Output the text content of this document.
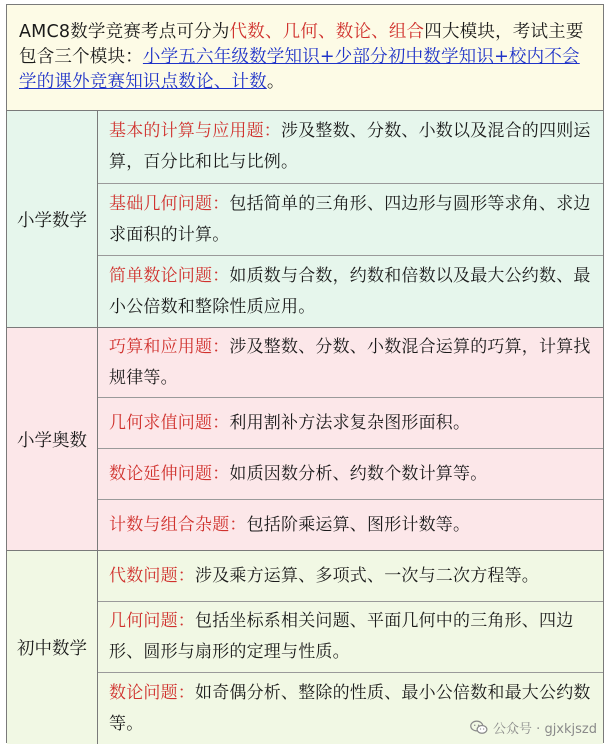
AMC8数学竞赛考点可分为代数、几何、数论、组合四大模块，考试主要包含三个模块：小学五六年级数学知识+少部分初中数学知识+校内不会学的课外竞赛知识点数论、计数。
小学数学
基本的计算与应用题：涉及整数、分数、小数以及混合的四则运算，百分比和比与比例。
基础几何问题：包括简单的三角形、四边形与圆形等求角、求边求面积的计算。
简单数论问题：如质数与合数，约数和倍数以及最大公约数、最小公倍数和整除性质应用。
小学奥数
巧算和应用题：涉及整数、分数、小数混合运算的巧算，计算找规律等。
几何求值问题：利用割补方法求复杂图形面积。
数论延伸问题：如质因数分析、约数个数计算等。
计数与组合杂题：包括阶乘运算、图形计数等。
初中数学
代数问题：涉及乘方运算、多项式、一次与二次方程等。
几何问题：包括坐标系相关问题、平面几何中的三角形、四边形、圆形与扇形的定理与性质。
数论问题：如奇偶分析、整除的性质、最小公倍数和最大公约数等。	公众号 · gjxkjszd
